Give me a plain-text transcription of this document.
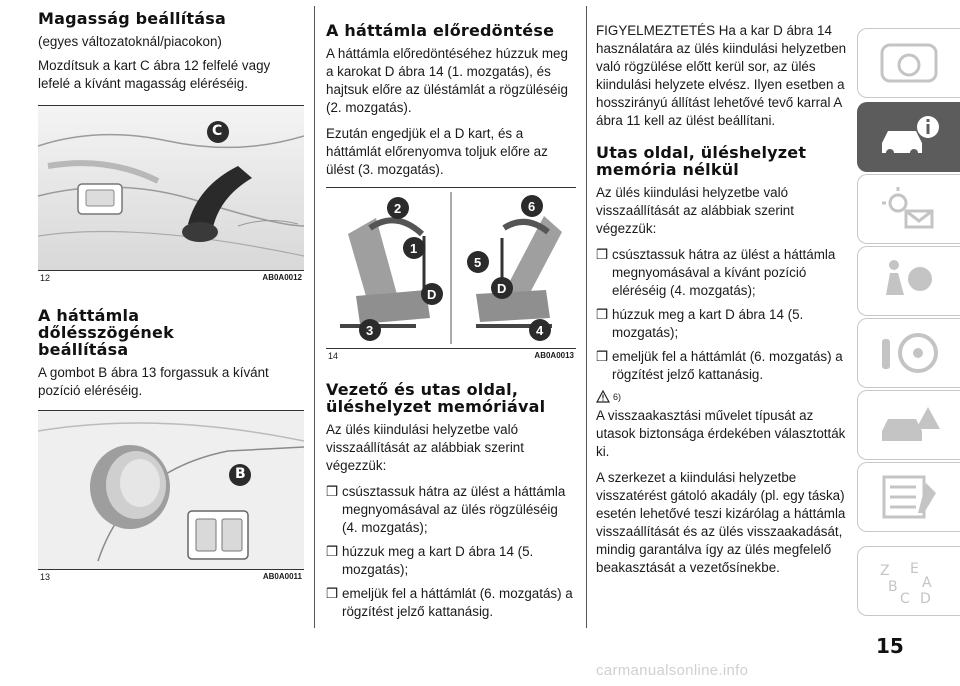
Magasság beállítása

(egyes változatoknál/piacokon)

Mozdítsuk a kart C ábra 12 felfelé vagy lefelé a kívánt magasság eléréséig.

C
12	AB0A0012
A háttámla dőlésszögének beállítása

A gombot B ábra 13 forgassuk a kívánt pozíció eléréséig.

B
13	AB0A0011
A háttámla előredöntése

A háttámla előredöntéséhez húzzuk meg a karokat D ábra 14 (1. mozgatás), és hajtsuk előre az üléstámlát a rögzüléséig (2. mozgatás).

Ezután engedjük el a D kart, és a háttámlát előrenyomva toljuk előre az ülést (3. mozgatás).

2
1
D
3
6
5
D
4
14	AB0A0013
Vezető és utas oldal, üléshelyzet memóriával

Az ülés kiindulási helyzetbe való visszaállítását az alábbiak szerint végezzük:

❒ csúsztassuk hátra az ülést a háttámla megnyomásával az ülés rögzüléséig (4. mozgatás);
❒ húzzuk meg a kart D ábra 14 (5. mozgatás);
❒ emeljük fel a háttámlát (6. mozgatás) a rögzítést jelző kattanásig.

FIGYELMEZTETÉS Ha a kar D ábra 14 használatára az ülés kiindulási helyzetben való rögzülése előtt kerül sor, az ülés kiindulási helyzete elvész. Ilyen esetben a hosszirányú állítást lehetővé tevő karral A ábra 11 kell az ülést beállítani.

Utas oldal, üléshelyzet memória nélkül

Az ülés kiindulási helyzetbe való visszaállítását az alábbiak szerint végezzük:

❒ csúsztassuk hátra az ülést a háttámla megnyomásával a kívánt pozíció eléréséig (4. mozgatás);
❒ húzzuk meg a kart D ábra 14 (5. mozgatás);
❒ emeljük fel a háttámlát (6. mozgatás) a rögzítést jelző kattanásig.
6)

A visszaakasztási művelet típusát az utasok biztonsága érdekében választották ki.

A szerkezet a kiindulási helyzetbe visszatérést gátoló akadály (pl. egy táska) esetén lehetővé teszi kizárólag a háttámla visszaállítását és az ülés visszaakadását, mindig garantálva így az ülés megfelelő beakasztását a vezetősínekbe.	Z E
B A
C D
15
carmanualsonline.info
